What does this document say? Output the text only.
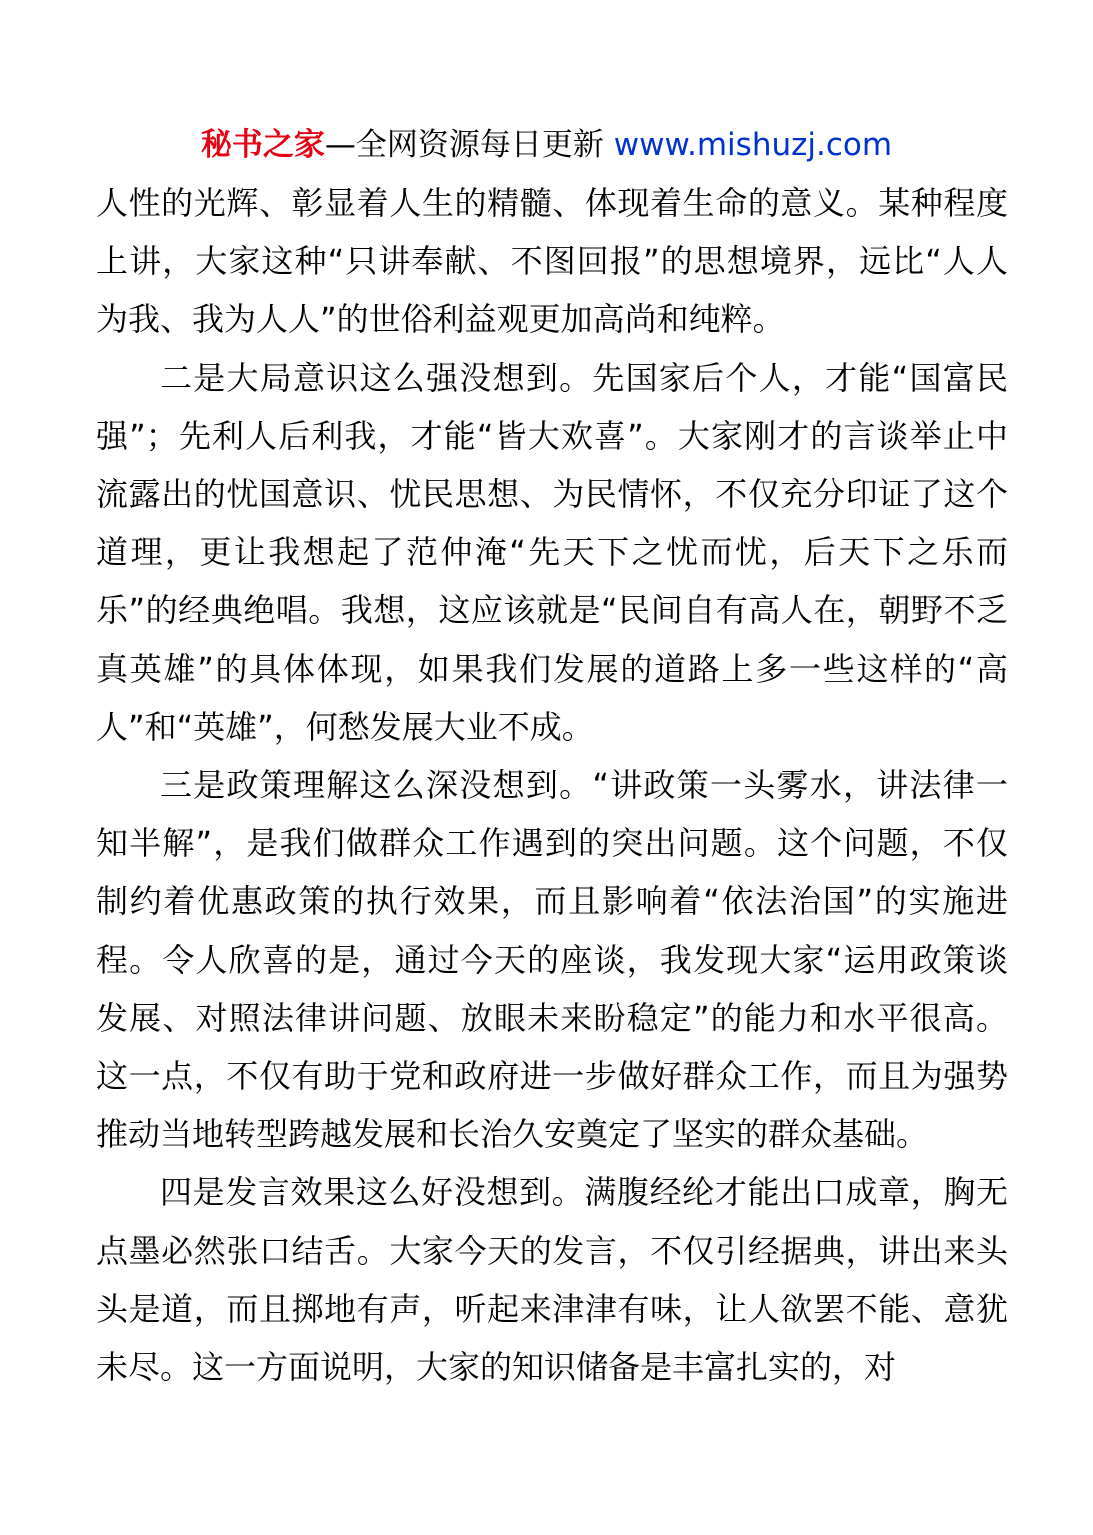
秘书之家—全网资源每日更新 www.mishuzj.com

人性的光辉、彰显着人生的精髓、体现着生命的意义。某种程度上讲，大家这种“只讲奉献、不图回报”的思想境界，远比“人人为我、我为人人”的世俗利益观更加高尚和纯粹。

二是大局意识这么强没想到。先国家后个人，才能“国富民强”；先利人后利我，才能“皆大欢喜”。大家刚才的言谈举止中流露出的忧国意识、忧民思想、为民情怀，不仅充分印证了这个道理，更让我想起了范仲淹“先天下之忧而忧，后天下之乐而乐”的经典绝唱。我想，这应该就是“民间自有高人在，朝野不乏真英雄”的具体体现，如果我们发展的道路上多一些这样的“高人”和“英雄”，何愁发展大业不成。

三是政策理解这么深没想到。“讲政策一头雾水，讲法律一知半解”，是我们做群众工作遇到的突出问题。这个问题，不仅制约着优惠政策的执行效果，而且影响着“依法治国”的实施进程。令人欣喜的是，通过今天的座谈，我发现大家“运用政策谈发展、对照法律讲问题、放眼未来盼稳定”的能力和水平很高。这一点，不仅有助于党和政府进一步做好群众工作，而且为强势推动当地转型跨越发展和长治久安奠定了坚实的群众基础。

四是发言效果这么好没想到。满腹经纶才能出口成章，胸无点墨必然张口结舌。大家今天的发言，不仅引经据典，讲出来头头是道，而且掷地有声，听起来津津有味，让人欲罢不能、意犹未尽。这一方面说明，大家的知识储备是丰富扎实的，对
